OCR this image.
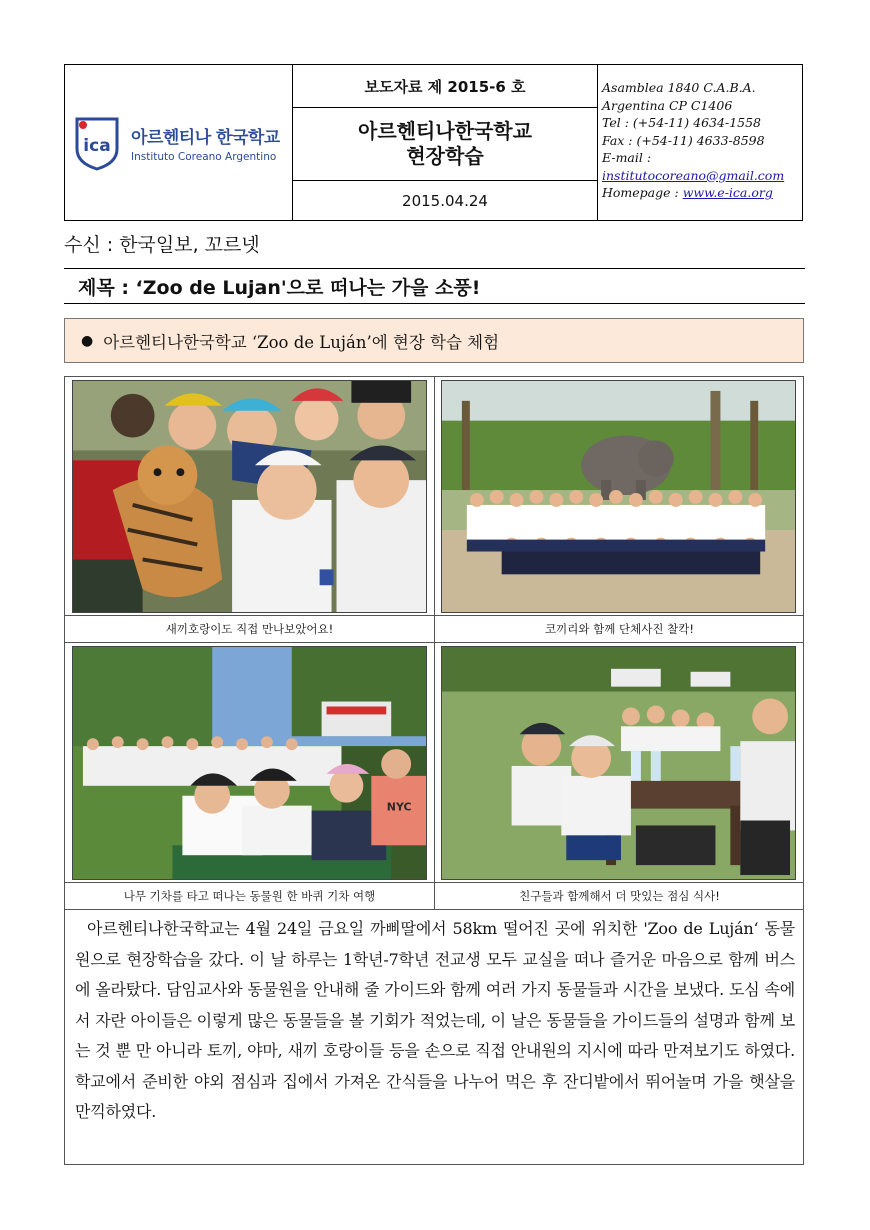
ica 아르헨티나 한국학교
Instituto Coreano Argentino
보도자료 제 2015-6 호
아르헨티나한국학교
현장학습
2015.04.24
Asamblea 1840 C.A.B.A.
Argentina CP C1406
Tel : (+54-11) 4634-1558
Fax : (+54-11) 4633-8598
E-mail :
institutocoreano@gmail.com
Homepage : www.e-ica.org
수신 : 한국일보, 꼬르넷
제목 : ‘Zoo de Lujan'으로 떠나는 가을 소풍!
● 아르헨티나한국학교 ‘Zoo de Luján’에 현장 학습 체험
새끼호랑이도 직접 만나보았어요!	코끼리와 함께 단체사진 찰칵!
NYC
나무 기차를 타고 떠나는 동물원 한 바퀴 기차 여행	친구들과 함께해서 더 맛있는 점심 식사!

아르헨티나한국학교는 4월 24일 금요일 까삐딸에서 58km 떨어진 곳에 위치한 'Zoo de Luján‘ 동물원으로 현장학습을 갔다. 이 날 하루는 1학년-7학년 전교생 모두 교실을 떠나 즐거운 마음으로 함께 버스에 올라탔다. 담임교사와 동물원을 안내해 줄 가이드와 함께 여러 가지 동물들과 시간을 보냈다. 도심 속에서 자란 아이들은 이렇게 많은 동물들을 볼 기회가 적었는데, 이 날은 동물들을 가이드들의 설명과 함께 보는 것 뿐 만 아니라 토끼, 야마, 새끼 호랑이들 등을 손으로 직접 안내원의 지시에 따라 만져보기도 하였다. 학교에서 준비한 야외 점심과 집에서 가져온 간식들을 나누어 먹은 후 잔디밭에서 뛰어놀며 가을 햇살을 만끽하였다.
